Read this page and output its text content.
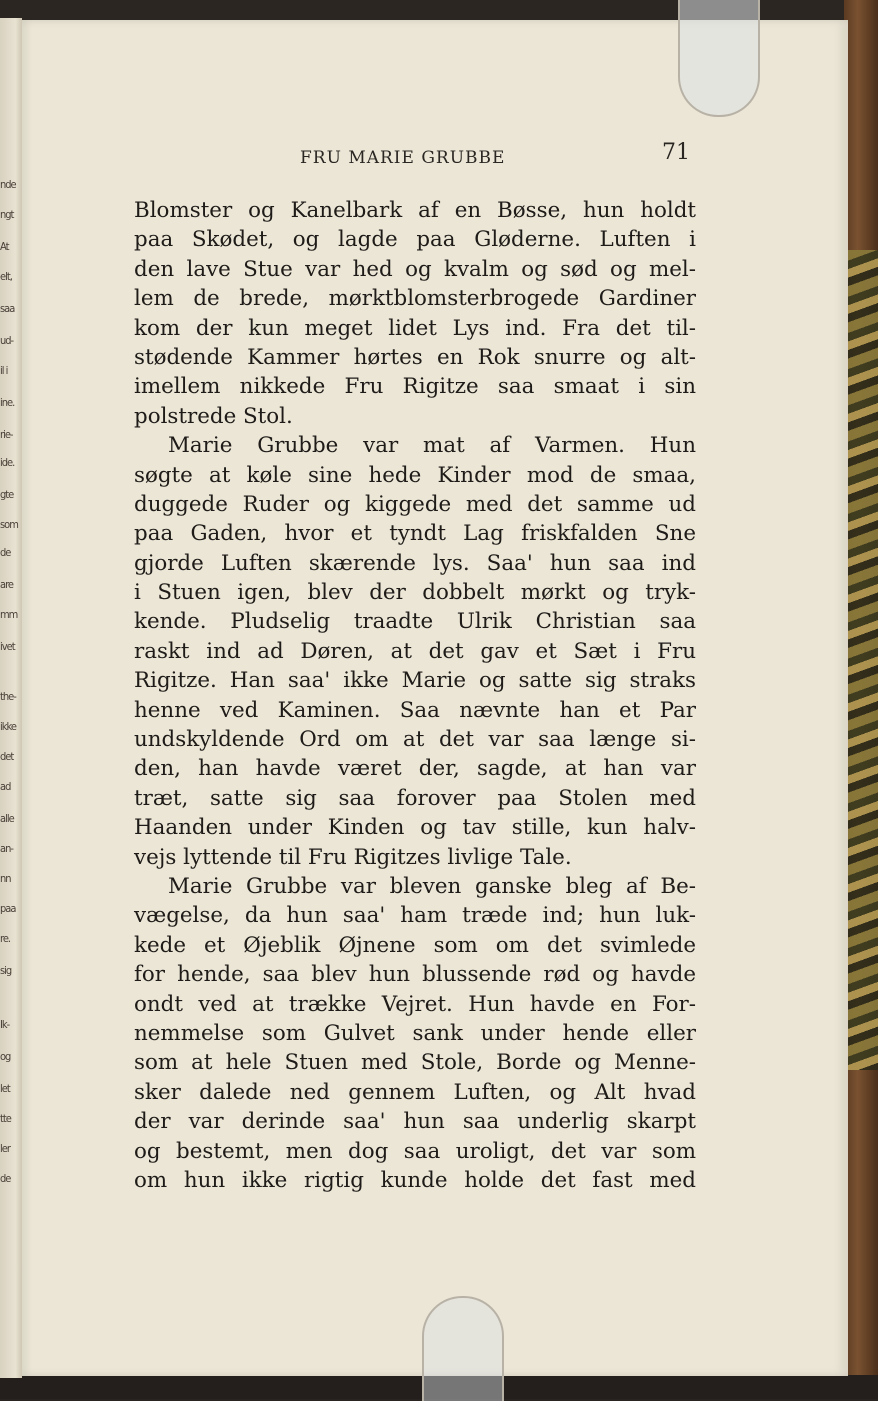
nde
ngt
At
elt,
saa
ud-
il i
ine.
rie-
ide.
gte
som
de
are
mm
ivet
the-
ikke
det
ad
alle
an-
nn
paa
re.
sig
Ik-
og
let
tte
ler
de
FRU MARIE GRUBBE	71
Blomster og Kanelbark af en Bøsse, hun holdt
paa Skødet, og lagde paa Gløderne. Luften i
den lave Stue var hed og kvalm og sød og mel-
lem de brede, mørktblomsterbrogede Gardiner
kom der kun meget lidet Lys ind. Fra det til-
stødende Kammer hørtes en Rok snurre og alt-
imellem nikkede Fru Rigitze saa smaat i sin
polstrede Stol.
Marie Grubbe var mat af Varmen. Hun
søgte at køle sine hede Kinder mod de smaa,
duggede Ruder og kiggede med det samme ud
paa Gaden, hvor et tyndt Lag friskfalden Sne
gjorde Luften skærende lys. Saa' hun saa ind
i Stuen igen, blev der dobbelt mørkt og tryk-
kende. Pludselig traadte Ulrik Christian saa
raskt ind ad Døren, at det gav et Sæt i Fru
Rigitze. Han saa' ikke Marie og satte sig straks
henne ved Kaminen. Saa nævnte han et Par
undskyldende Ord om at det var saa længe si-
den, han havde været der, sagde, at han var
træt, satte sig saa forover paa Stolen med
Haanden under Kinden og tav stille, kun halv-
vejs lyttende til Fru Rigitzes livlige Tale.
Marie Grubbe var bleven ganske bleg af Be-
vægelse, da hun saa' ham træde ind; hun luk-
kede et Øjeblik Øjnene som om det svimlede
for hende, saa blev hun blussende rød og havde
ondt ved at trække Vejret. Hun havde en For-
nemmelse som Gulvet sank under hende eller
som at hele Stuen med Stole, Borde og Menne-
sker dalede ned gennem Luften, og Alt hvad
der var derinde saa' hun saa underlig skarpt
og bestemt, men dog saa uroligt, det var som
om hun ikke rigtig kunde holde det fast med
